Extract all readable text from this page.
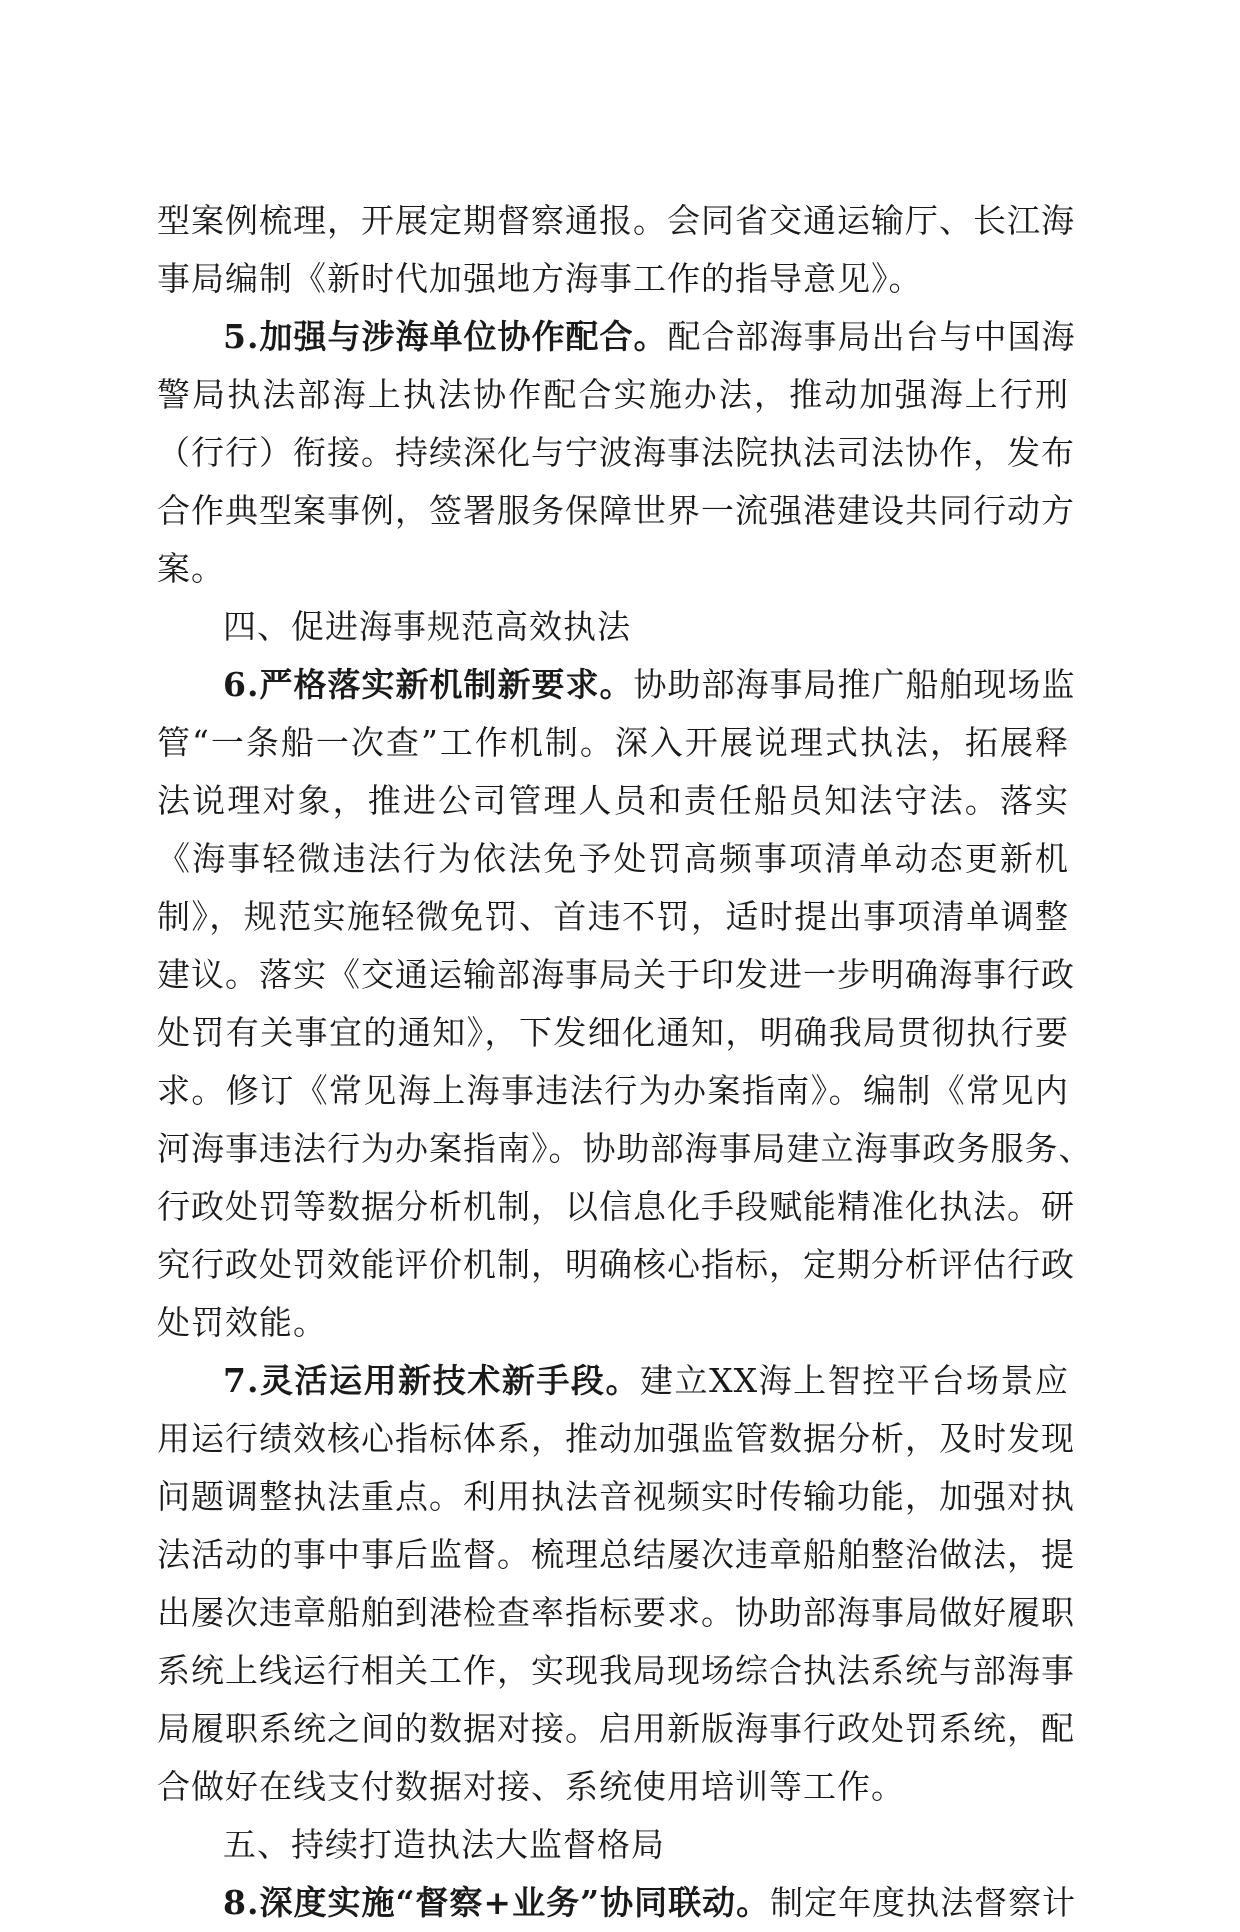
型案例梳理，开展定期督察通报。会同省交通运输厅、长江海
事局编制《新时代加强地方海事工作的指导意见》。
5.加强与涉海单位协作配合。配合部海事局出台与中国海
警局执法部海上执法协作配合实施办法，推动加强海上行刑
（行行）衔接。持续深化与宁波海事法院执法司法协作，发布
合作典型案事例，签署服务保障世界一流强港建设共同行动方
案。
四、促进海事规范高效执法
6.严格落实新机制新要求。协助部海事局推广船舶现场监
管“一条船一次查”工作机制。深入开展说理式执法，拓展释
法说理对象，推进公司管理人员和责任船员知法守法。落实
《海事轻微违法行为依法免予处罚高频事项清单动态更新机
制》，规范实施轻微免罚、首违不罚，适时提出事项清单调整
建议。落实《交通运输部海事局关于印发进一步明确海事行政
处罚有关事宜的通知》，下发细化通知，明确我局贯彻执行要
求。修订《常见海上海事违法行为办案指南》。编制《常见内
河海事违法行为办案指南》。协助部海事局建立海事政务服务、
行政处罚等数据分析机制，以信息化手段赋能精准化执法。研
究行政处罚效能评价机制，明确核心指标，定期分析评估行政
处罚效能。
7.灵活运用新技术新手段。建立XX海上智控平台场景应
用运行绩效核心指标体系，推动加强监管数据分析，及时发现
问题调整执法重点。利用执法音视频实时传输功能，加强对执
法活动的事中事后监督。梳理总结屡次违章船舶整治做法，提
出屡次违章船舶到港检查率指标要求。协助部海事局做好履职
系统上线运行相关工作，实现我局现场综合执法系统与部海事
局履职系统之间的数据对接。启用新版海事行政处罚系统，配
合做好在线支付数据对接、系统使用培训等工作。
五、持续打造执法大监督格局
8.深度实施“督察+业务”协同联动。制定年度执法督察计
